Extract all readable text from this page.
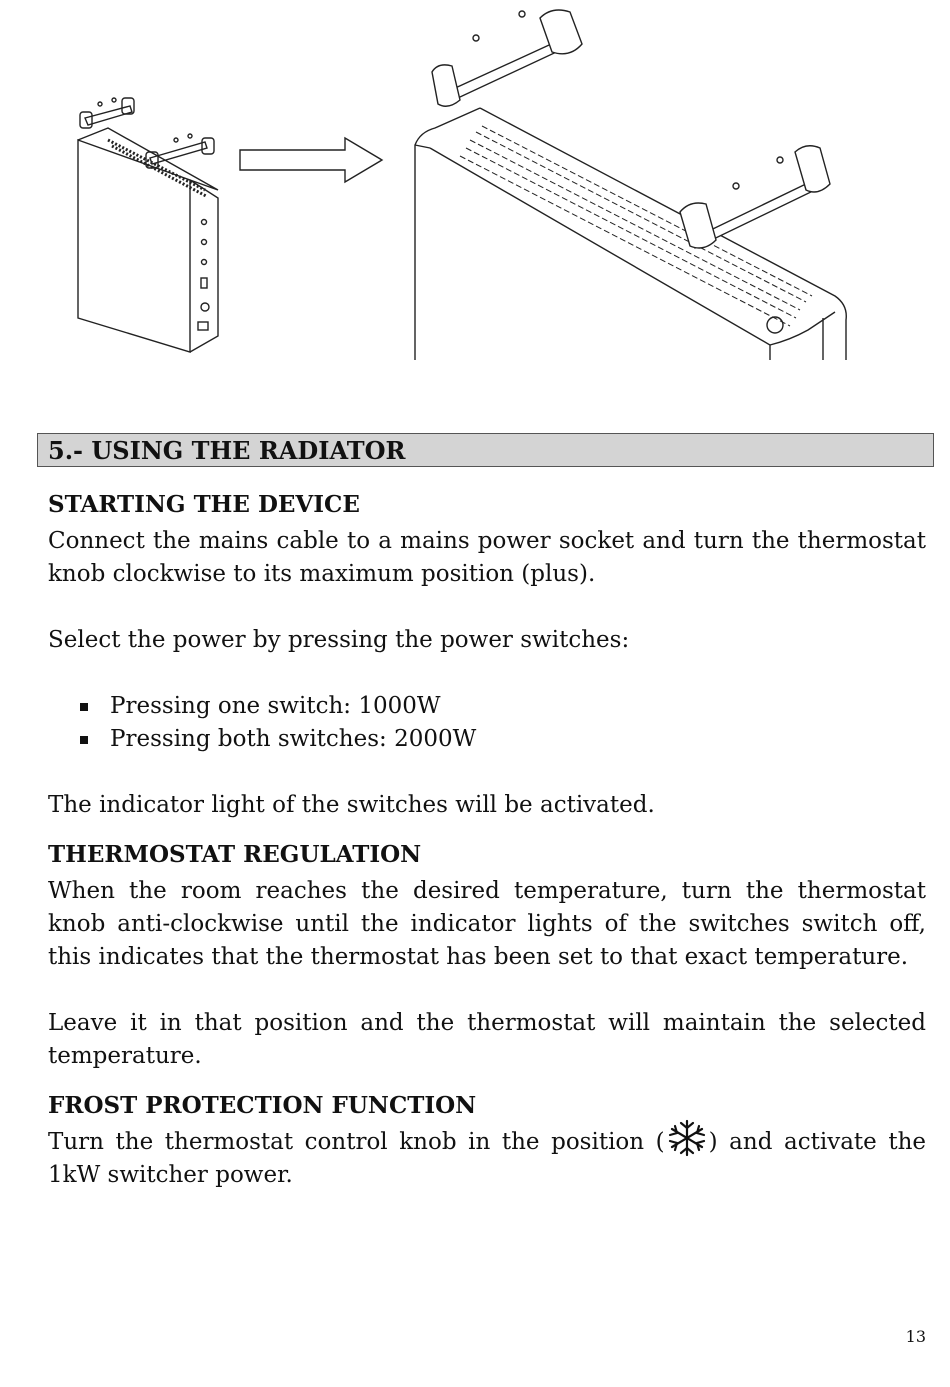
5.- USING THE RADIATOR
STARTING THE DEVICE

Connect the mains cable to a mains power socket and turn the thermostat knob clockwise to its maximum position (plus).

Select the power by pressing the power switches:

Pressing one switch: 1000W
Pressing both switches: 2000W

The indicator light of the switches will be activated.

THERMOSTAT REGULATION

When the room reaches the desired temperature, turn the thermostat knob anti-clockwise until the indicator lights of the switches switch off, this indicates that the thermostat has been set to that exact temperature.

Leave it in that position and the thermostat will maintain the selected temperature.

FROST PROTECTION FUNCTION

Turn the thermostat control knob in the position ( ) and activate the 1kW switcher power.

13
